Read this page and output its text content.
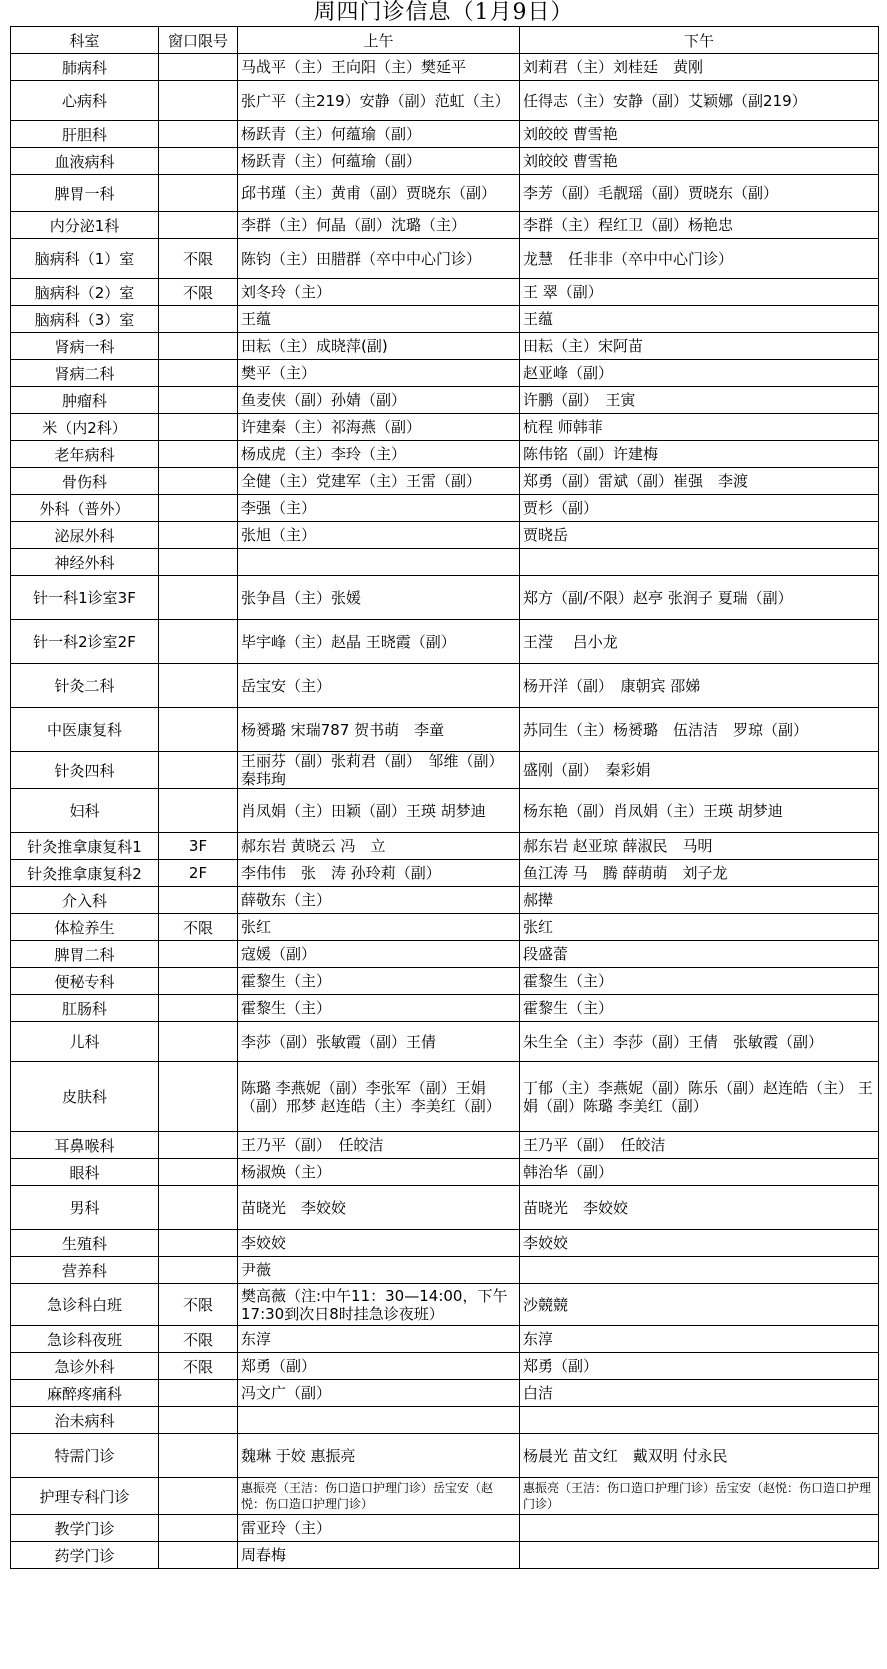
周四门诊信息（1月9日）
科室	窗口限号	上午	下午
肺病科		马战平（主）王向阳（主）樊延平	刘莉君（主）刘桂廷　黄刚
心病科		张广平（主219）安静（副）范虹（主）	任得志（主）安静（副）艾颖娜（副219）
肝胆科		杨跃青（主）何蕴瑜（副）	刘皎皎 曹雪艳
血液病科		杨跃青（主）何蕴瑜（副）	刘皎皎 曹雪艳
脾胃一科		邱书瑾（主）黄甫（副）贾晓东（副）	李芳（副）毛靓瑶（副）贾晓东（副）
内分泌1科		李群（主）何晶（副）沈璐（主）	李群（主）程红卫（副）杨艳忠
脑病科（1）室	不限	陈钧（主）田腊群（卒中中心门诊）	龙慧　任非非（卒中中心门诊）
脑病科（2）室	不限	刘冬玲（主）	王 翠（副）
脑病科（3）室		王蕴	王蕴
肾病一科		田耘（主）成晓萍(副)	田耘（主）宋阿苗
肾病二科		樊平（主）	赵亚峰（副）
肿瘤科		鱼麦侠（副）孙婧（副）	许鹏（副）　王寅
米（内2科）		许建秦（主）祁海燕（副）	杭程 师韩菲
老年病科		杨成虎（主）李玲（主）	陈伟铭（副）许建梅
骨伤科		全健（主）党建军（主）王雷（副）	郑勇（副）雷斌（副）崔强　李渡
外科（普外）		李强（主）	贾杉（副）
泌尿外科		张旭（主）	贾晓岳
神经外科			
针一科1诊室3F		张争昌（主）张媛	郑方（副/不限）赵亭 张润子 夏瑞（副）
针一科2诊室2F		毕宇峰（主）赵晶 王晓霞（副）	王滢　 吕小龙
针灸二科		岳宝安（主）	杨开洋（副）　康朝宾 邵娣
中医康复科		杨赟璐 宋瑞787 贺书萌　李童	苏同生（主）杨赟璐　伍洁洁　罗琼（副）
针灸四科		王丽芬（副）张莉君（副）　邹维（副）秦玮珣	盛刚（副）　秦彩娟
妇科		肖凤娟（主）田颖（副）王瑛 胡梦迪	杨东艳（副）肖凤娟（主）王瑛 胡梦迪
针灸推拿康复科1	3F	郝东岩 黄晓云 冯　立	郝东岩 赵亚琼 薛淑民　马明
针灸推拿康复科2	2F	李伟伟　张　涛 孙玲莉（副）	鱼江涛 马　腾 薛萌萌　刘子龙
介入科		薛敬东（主）	郝撵
体检养生	不限	张红	张红
脾胃二科		寇媛（副）	段盛蕾
便秘专科		霍黎生（主）	霍黎生（主）
肛肠科		霍黎生（主）	霍黎生（主）
儿科		李莎（副）张敏霞（副）王倩	朱生全（主）李莎（副）王倩　张敏霞（副）
皮肤科		陈璐 李燕妮（副）李张军（副）王娟（副）邢梦 赵连皓（主）李美红（副）	丁郁（主）李燕妮（副）陈乐（副）赵连皓（主） 王娟（副）陈璐 李美红（副）
耳鼻喉科		王乃平（副）　任皎洁	王乃平（副）　任皎洁
眼科		杨淑焕（主）	韩治华（副）
男科		苗晓光　李姣姣	苗晓光　李姣姣
生殖科		李姣姣	李姣姣
营养科		尹薇	
急诊科白班	不限	樊高薇（注:中午11：30—14:00，下午17:30到次日8时挂急诊夜班）	沙競競
急诊科夜班	不限	东淳	东淳
急诊外科	不限	郑勇（副）	郑勇（副）
麻醉疼痛科		冯文广（副）	白洁
治未病科			
特需门诊		魏琳 于姣 惠振亮	杨晨光 苗文红　戴双明 付永民
护理专科门诊		惠振亮（王洁：伤口造口护理门诊）岳宝安（赵悦：伤口造口护理门诊）	惠振亮（王洁：伤口造口护理门诊）岳宝安（赵悦：伤口造口护理门诊）
教学门诊		雷亚玲（主）	
药学门诊		周春梅	
